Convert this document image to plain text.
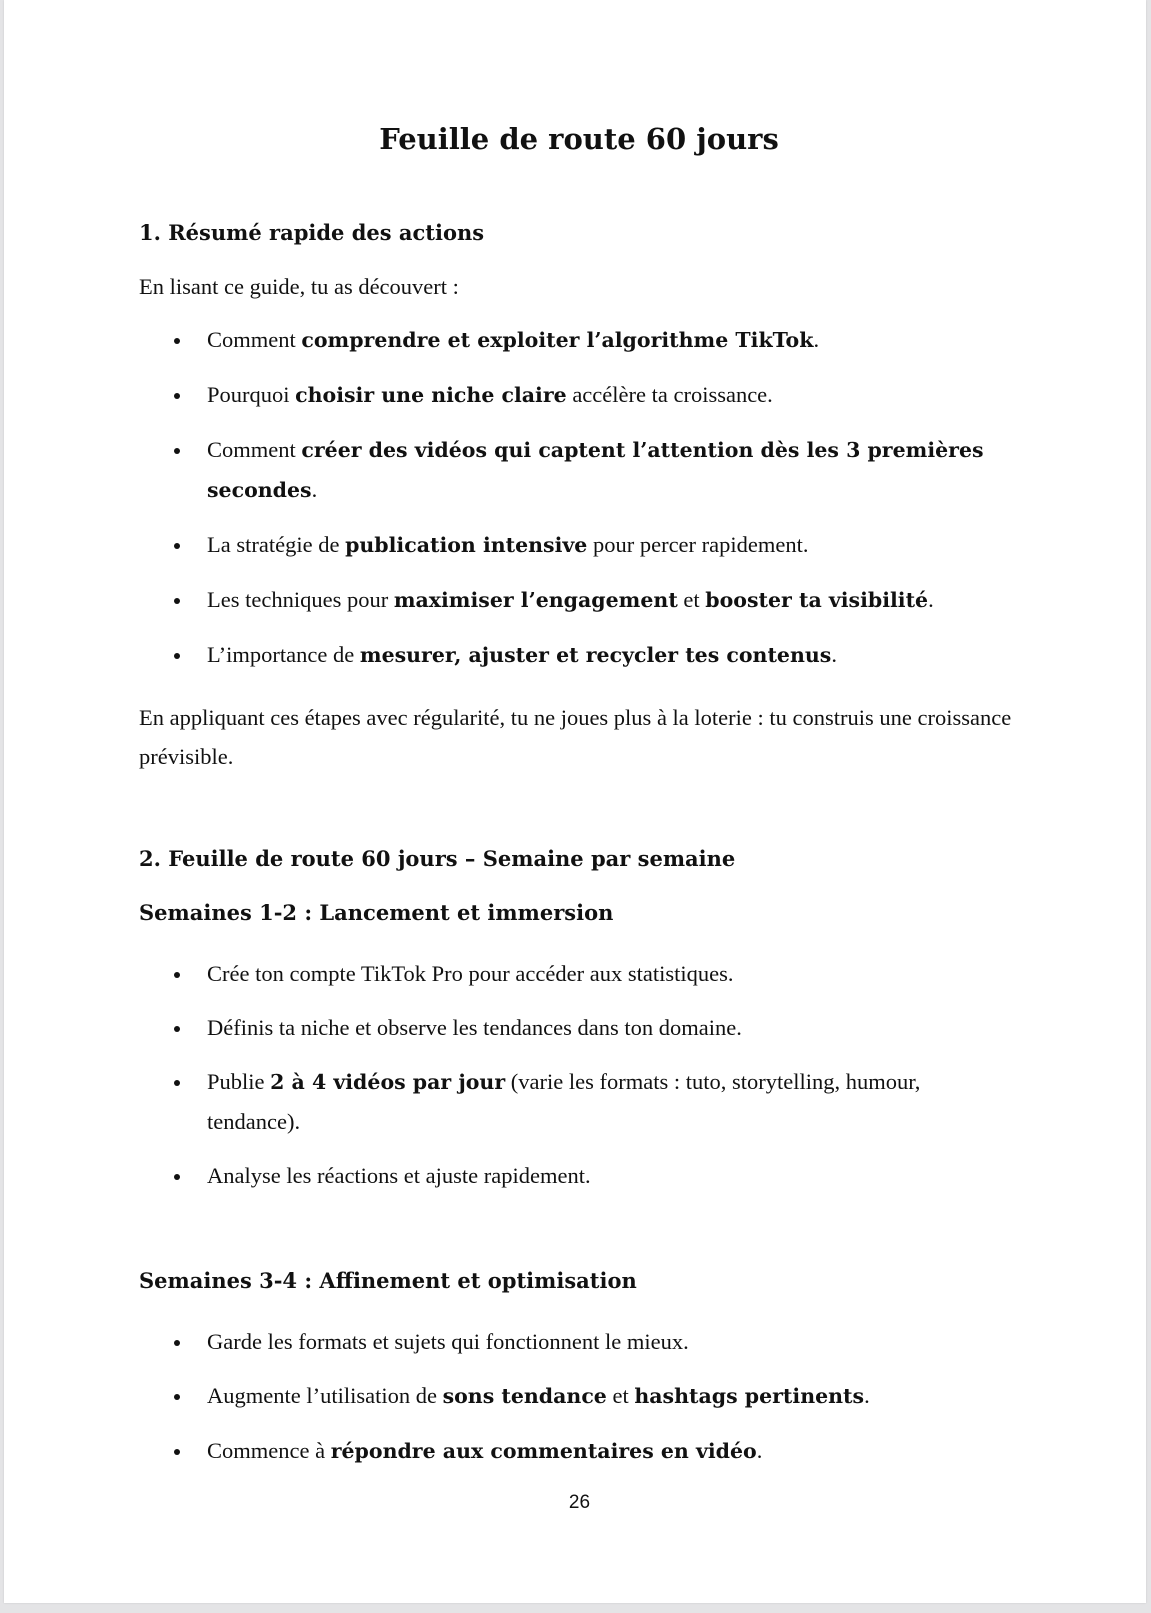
Feuille de route 60 jours
1. Résumé rapide des actions

En lisant ce guide, tu as découvert :

Comment comprendre et exploiter l’algorithme TikTok.
Pourquoi choisir une niche claire accélère ta croissance.
Comment créer des vidéos qui captent l’attention dès les 3 premières secondes.
La stratégie de publication intensive pour percer rapidement.
Les techniques pour maximiser l’engagement et booster ta visibilité.
L’importance de mesurer, ajuster et recycler tes contenus.

En appliquant ces étapes avec régularité, tu ne joues plus à la loterie : tu construis une croissance prévisible.

2. Feuille de route 60 jours – Semaine par semaine
Semaines 1-2 : Lancement et immersion
Crée ton compte TikTok Pro pour accéder aux statistiques.
Définis ta niche et observe les tendances dans ton domaine.
Publie 2 à 4 vidéos par jour (varie les formats : tuto, storytelling, humour, tendance).
Analyse les réactions et ajuste rapidement.
Semaines 3-4 : Affinement et optimisation
Garde les formats et sujets qui fonctionnent le mieux.
Augmente l’utilisation de sons tendance et hashtags pertinents.
Commence à répondre aux commentaires en vidéo.
26
